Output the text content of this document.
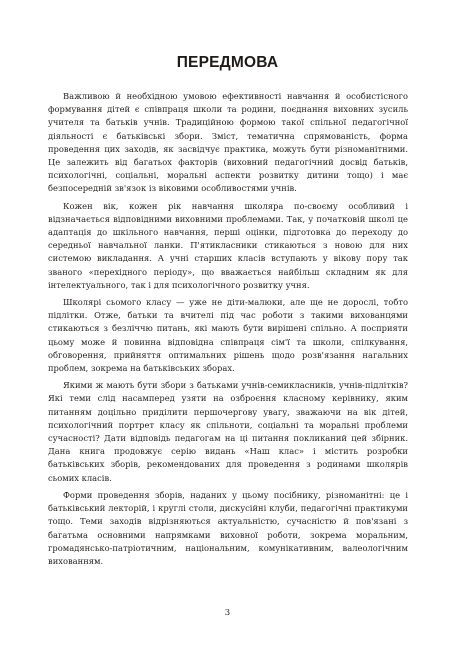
ПЕРЕДМОВА

Важливою й необхідною умовою ефективності навчання й особистісного формування дітей є співпраця школи та родини, поєднання виховних зусиль учителя та батьків учнів. Традиційною формою такої спільної педагогічної діяльності є батьківські збори. Зміст, тематична спрямованість, форма проведення цих заходів, як засвідчує практика, можуть бути різноманітними. Це залежить від багатьох факторів (виховний педагогічний досвід батьків, психологічні, соціальні, моральні аспекти розвитку дитини тощо) і має безпосередній зв'язок із віковими особливостями учнів.

Кожен вік, кожен рік навчання школяра по-своєму особливий і відзначається відповідними виховними проблемами. Так, у початковій школі це адаптація до шкільного навчання, перші оцінки, підготовка до переходу до середньої навчальної ланки. П'ятикласники стикаються з новою для них системою викладання. А учні старших класів вступають у вікову пору так званого «перехідного періоду», що вважається найбільш складним як для інтелектуального, так і для психологічного розвитку учня.

Школярі сьомого класу — уже не діти-малюки, але ще не дорослі, тобто підлітки. Отже, батьки та вчителі під час роботи з такими вихованцями стикаються з безліччю питань, які мають бути вирішені спільно. А посприяти цьому може й повинна відповідна співпраця сім'ї та школи, спілкування, обговорення, прийняття оптимальних рішень щодо розв'язання нагальних проблем, зокрема на батьківських зборах.

Якими ж мають бути збори з батьками учнів-семикласників, учнів-підлітків? Які теми слід насамперед узяти на озброєння класному керівнику, яким питанням доцільно приділити першочергову увагу, зважаючи на вік дітей, психологічний портрет класу як спільноти, соціальні та моральні проблеми сучасності? Дати відповідь педагогам на ці питання покликаний цей збірник. Дана книга продовжує серію видань «Наш клас» і містить розробки батьківських зборів, рекомендованих для проведення з родинами школярів сьомих класів.

Форми проведення зборів, наданих у цьому посібнику, різноманітні: це і батьківський лекторій, і круглі столи, дискусійні клуби, педагогічні практикуми тощо. Теми заходів відрізняються актуальністю, сучасністю й пов'язані з багатьма основними напрямками виховної роботи, зокрема моральним, громадянсько-патріотичним, національним, комунікативним, валеологічним вихованням.

3
